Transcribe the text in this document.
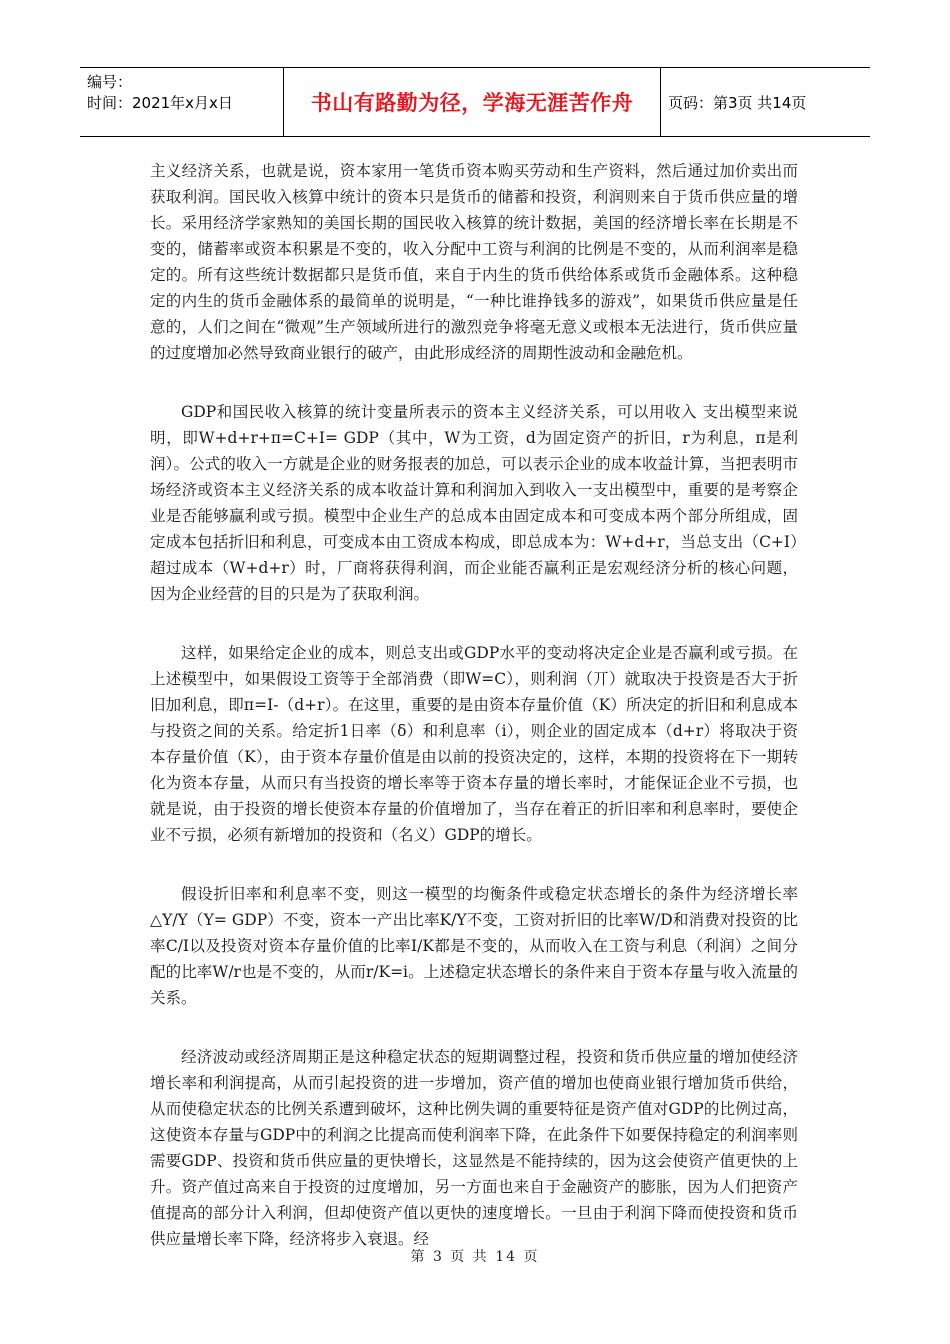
编号：
时间：2021年x月x日	书山有路勤为径，学海无涯苦作舟	页码：第3页 共14页

主义经济关系，也就是说，资本家用一笔货币资本购买劳动和生产资料，然后通过加价卖出而获取利润。国民收入核算中统计的资本只是货币的储蓄和投资，利润则来自于货币供应量的增长。采用经济学家熟知的美国长期的国民收入核算的统计数据，美国的经济增长率在长期是不变的，储蓄率或资本积累是不变的，收入分配中工资与利润的比例是不变的，从而利润率是稳定的。所有这些统计数据都只是货币值，来自于内生的货币供给体系或货币金融体系。这种稳定的内生的货币金融体系的最简单的说明是，“一种比谁挣钱多的游戏”，如果货币供应量是任意的，人们之间在“微观”生产领域所进行的激烈竞争将毫无意义或根本无法进行，货币供应量的过度增加必然导致商业银行的破产，由此形成经济的周期性波动和金融危机。

GDP和国民收入核算的统计变量所表示的资本主义经济关系，可以用收入 支出模型来说明，即W+d+r+π=C+I= GDP（其中，W为工资，d为固定资产的折旧，r为利息，π是利润）。公式的收入一方就是企业的财务报表的加总，可以表示企业的成本收益计算，当把表明市场经济或资本主义经济关系的成本收益计算和利润加入到收入一支出模型中，重要的是考察企业是否能够赢利或亏损。模型中企业生产的总成本由固定成本和可变成本两个部分所组成，固定成本包括折旧和利息，可变成本由工资成本构成，即总成本为：W+d+r，当总支出（C+I）超过成本（W+d+r）时，厂商将获得利润，而企业能否赢利正是宏观经济分析的核心问题，因为企业经营的目的只是为了获取利润。

这样，如果给定企业的成本，则总支出或GDP水平的变动将决定企业是否赢利或亏损。在上述模型中，如果假设工资等于全部消费（即W=C），则利润（丌）就取决于投资是否大于折旧加利息，即π=I-（d+r）。在这里，重要的是由资本存量价值（K）所决定的折旧和利息成本与投资之间的关系。给定折1日率（δ）和利息率（i），则企业的固定成本（d+r）将取决于资本存量价值（K），由于资本存量价值是由以前的投资决定的，这样，本期的投资将在下一期转化为资本存量，从而只有当投资的增长率等于资本存量的增长率时，才能保证企业不亏损，也就是说，由于投资的增长使资本存量的价值增加了，当存在着正的折旧率和利息率时，要使企业不亏损，必须有新增加的投资和（名义）GDP的增长。

假设折旧率和利息率不变，则这一模型的均衡条件或稳定状态增长的条件为经济增长率△Y/Y（Y= GDP）不变，资本一产出比率K/Y不变，工资对折旧的比率W/D和消费对投资的比率C/I以及投资对资本存量价值的比率I/K都是不变的，从而收入在工资与利息（利润）之间分配的比率W/r也是不变的，从而r/K=i。上述稳定状态增长的条件来自于资本存量与收入流量的关系。

经济波动或经济周期正是这种稳定状态的短期调整过程，投资和货币供应量的增加使经济增长率和利润提高，从而引起投资的进一步增加，资产值的增加也使商业银行增加货币供给，从而使稳定状态的比例关系遭到破坏，这种比例失调的重要特征是资产值对GDP的比例过高，这使资本存量与GDP中的利润之比提高而使利润率下降，在此条件下如要保持稳定的利润率则需要GDP、投资和货币供应量的更快增长，这显然是不能持续的，因为这会使资产值更快的上升。资产值过高来自于投资的过度增加，另一方面也来自于金融资产的膨胀，因为人们把资产值提高的部分计入利润，但却使资产值以更快的速度增长。一旦由于利润下降而使投资和货币供应量增长率下降，经济将步入衰退。经

第 3 页 共 14 页
